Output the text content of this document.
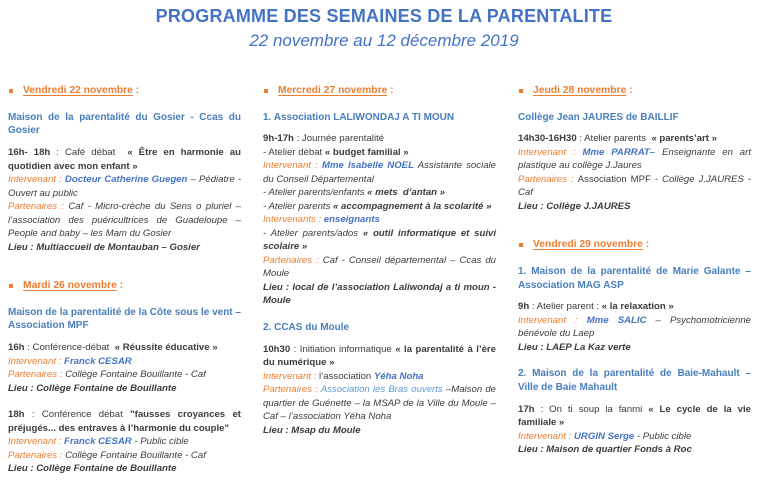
PROGRAMME DES SEMAINES DE LA PARENTALITE
22 novembre au 12 décembre 2019
Vendredi 22 novembre :
Maison de la parentalité du Gosier - Ccas du Gosier
16h- 18h : Café débat  « Être en harmonie au quotidien avec mon enfant »
Intervenant : Docteur Catherine Guegen – Pédiatre - Ouvert au public
Partenaires : Caf - Micro-crèche du Sens o pluriel – l’association des puéricultrices de Guadeloupe – People and baby – les Mam du Gosier
Lieu : Multiaccueil de Montauban – Gosier
Mardi 26 novembre :
Maison de la parentalité de la Côte sous le vent – Association MPF
16h : Conférence-débat  « Réussite éducative »
Intervenant : Franck CESAR
Partenaires : Collège Fontaine Bouillante - Caf
Lieu : Collège Fontaine de Bouillante
18h : Conférence débat "fausses croyances et préjugés... des entraves à l’harmonie du couple"
Intervenant : Franck CESAR - Public cible
Partenaires : Collège Fontaine Bouillante - Caf
Lieu : Collège Fontaine de Bouillante
Mercredi 27 novembre :
1. Association LALIWONDAJ A TI MOUN
9h-17h : Journée parentalité
- Atelier débat « budget familial »
Intervenant : Mme Isabelle NOEL Assistante sociale du Conseil Départemental
- Atelier parents/enfants « mets  d’antan »
- Atelier parents « accompagnement à la scolarité »
Intervenants : enseignants
- Atelier parents/ados « outil informatique et suivi scolaire »
Partenaires : Caf - Conseil départemental – Ccas du Moule
Lieu : local de l’association Laliwondaj a ti moun - Moule
2. CCAS du Moule
10h30 : Initiation informatique « la parentalité à l’ère du numérique »
Intervenant : l’association Yéha Noha
Partenaires : Association les Bras ouverts –Maison de quartier de Guénette – la MSAP de la Ville du Moule – Caf – l’association Yéha Noha
Lieu : Msap du Moule
Jeudi 28 novembre :
Collège Jean JAURES de BAILLIF
14h30-16H30 : Atelier parents  « parents’art »
Intervenant : Mme PARRAT– Enseignante en art plastique au collège J.Jaures
Partenaires : Association MPF - Collège J.JAURES - Caf
Lieu : Collège J.JAURES
Vendredi 29 novembre :
1. Maison de la parentalité de Marie Galante – Association MAG ASP
9h : Atelier parent : « la relaxation »
Intervenant : Mme SALIC – Psychomotricienne bénévole du Laep
Lieu : LAEP La Kaz verte
2. Maison de la parentalité de Baie-Mahault – Ville de Baie Mahault
17h : On ti soup la fanmi « Le cycle de la vie familiale »
Intervenant : URGIN Serge - Public cible
Lieu : Maison de quartier Fonds à Roc
